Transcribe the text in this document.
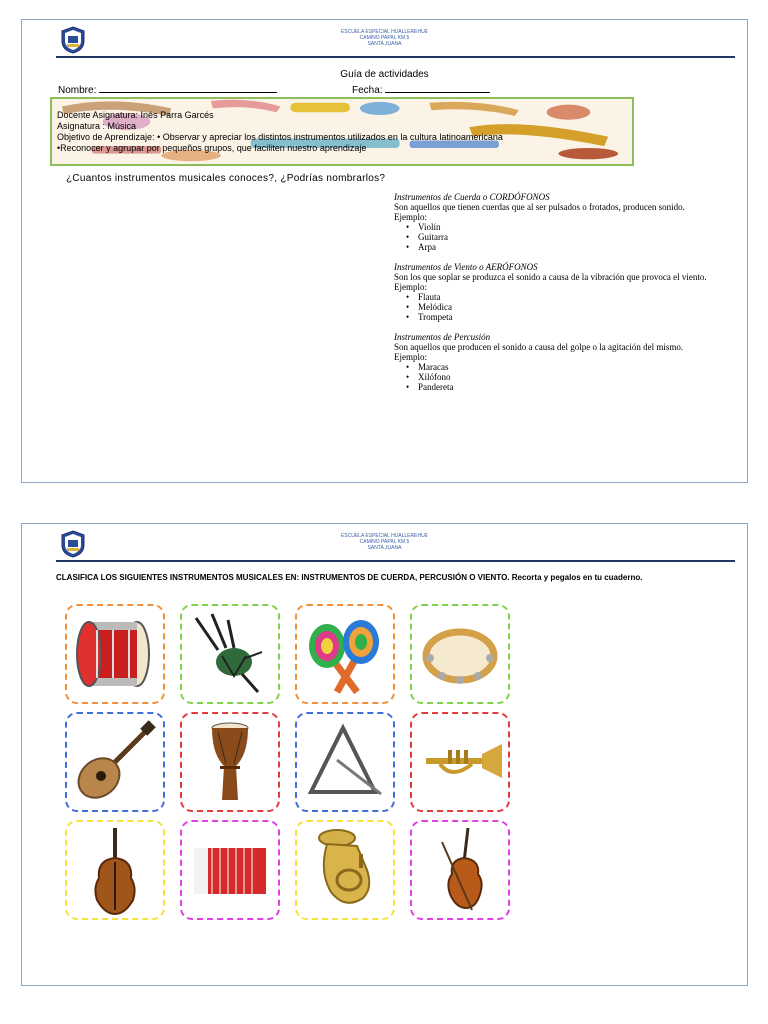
ESCUELA ESPECIAL HUALLEREHUE
CAMINO PAPAL KM 5
SANTA JUANA
Guía de actividades
Nombre:	Fecha:
Docente Asignatura: Inés Parra Garcés
Asignatura : Música
Objetivo de Aprendizaje: • Observar y apreciar los distintos instrumentos utilizados en la cultura latinoamericana
•Reconocer y agrupar por pequeños grupos, que faciliten nuestro aprendizaje
¿Cuantos instrumentos musicales conoces?, ¿Podrías nombrarlos?
Instrumentos de Cuerda o CORDÓFONOS
Son aquellos que tienen cuerdas que al ser pulsados o frotados, producen sonido. Ejemplo:
• Violín
• Guitarra
• Arpa
Instrumentos de Viento o AERÓFONOS
Son los que soplar se produzca el sonido a causa de la vibración que provoca el viento. Ejemplo:
• Flauta
• Melódica
• Trompeta
Instrumentos de Percusión
Son aquellos que producen el sonido a causa del golpe o la agitación del mismo. Ejemplo:
• Maracas
• Xilófono
• Pandereta
ESCUELA ESPECIAL HUALLEREHUE
CAMINO PAPAL KM 5
SANTA JUANA
CLASIFICA LOS SIGUIENTES INSTRUMENTOS MUSICALES EN: INSTRUMENTOS DE CUERDA, PERCUSIÓN O VIENTO. Recorta y pegalos en tu cuaderno.
